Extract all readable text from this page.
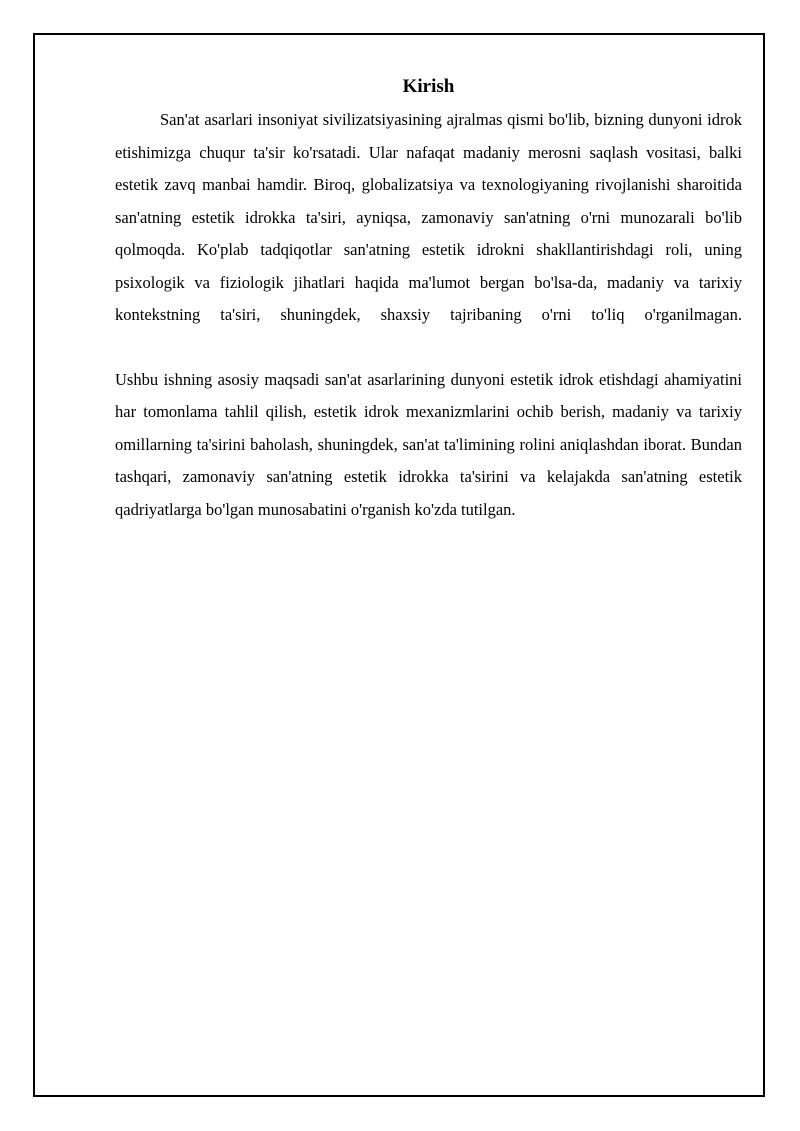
Kirish

San'at asarlari insoniyat sivilizatsiyasining ajralmas qismi bo'lib, bizning dunyoni idrok etishimizga chuqur ta'sir ko'rsatadi. Ular nafaqat madaniy merosni saqlash vositasi, balki estetik zavq manbai hamdir. Biroq, globalizatsiya va texnologiyaning rivojlanishi sharoitida san'atning estetik idrokka ta'siri, ayniqsa, zamonaviy san'atning o'rni munozarali bo'lib qolmoqda. Ko'plab tadqiqotlar san'atning estetik idrokni shakllantirishdagi roli, uning psixologik va fiziologik jihatlari haqida ma'lumot bergan bo'lsa-da, madaniy va tarixiy kontekstning ta'siri, shuningdek, shaxsiy tajribaning o'rni to'liq o'rganilmagan.

Ushbu ishning asosiy maqsadi san'at asarlarining dunyoni estetik idrok etishdagi ahamiyatini har tomonlama tahlil qilish, estetik idrok mexanizmlarini ochib berish, madaniy va tarixiy omillarning ta'sirini baholash, shuningdek, san'at ta'limining rolini aniqlashdan iborat. Bundan tashqari, zamonaviy san'atning estetik idrokka ta'sirini va kelajakda san'atning estetik qadriyatlarga bo'lgan munosabatini o'rganish ko'zda tutilgan.
